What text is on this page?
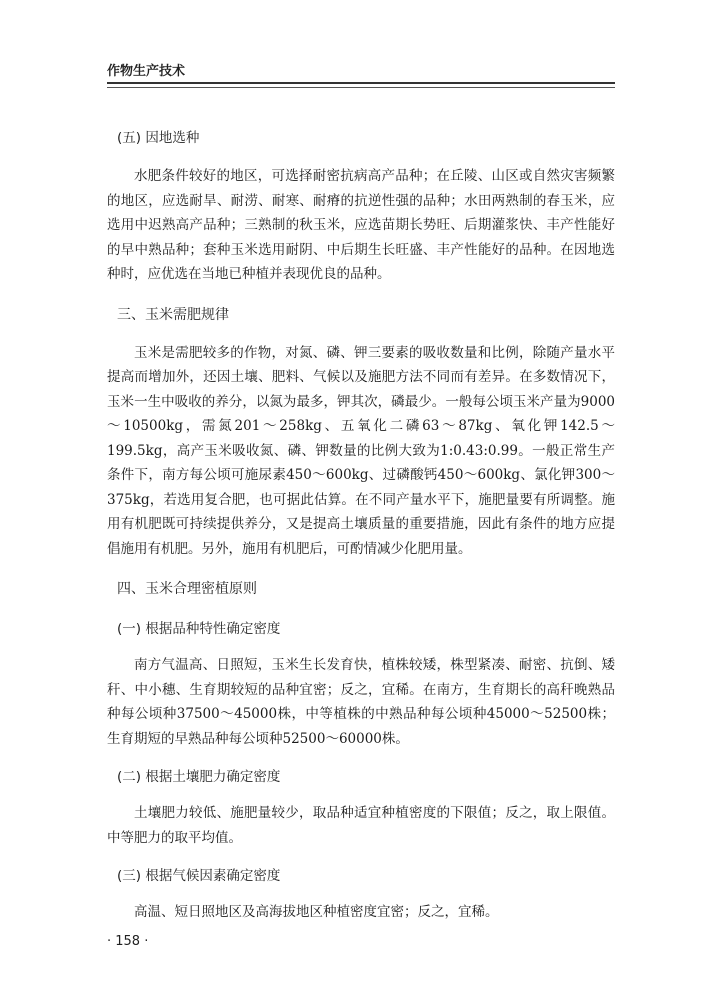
作物生产技术

(五) 因地选种

水肥条件较好的地区，可选择耐密抗病高产品种；在丘陵、山区或自然灾害频繁的地区，应选耐旱、耐涝、耐寒、耐瘠的抗逆性强的品种；水田两熟制的春玉米，应选用中迟熟高产品种；三熟制的秋玉米，应选苗期长势旺、后期灌浆快、丰产性能好的早中熟品种；套种玉米选用耐阴、中后期生长旺盛、丰产性能好的品种。在因地选种时，应优选在当地已种植并表现优良的品种。

三、玉米需肥规律

玉米是需肥较多的作物，对氮、磷、钾三要素的吸收数量和比例，除随产量水平提高而增加外，还因土壤、肥料、气候以及施肥方法不同而有差异。在多数情况下，玉米一生中吸收的养分，以氮为最多，钾其次，磷最少。一般每公顷玉米产量为9000～10500kg，需氮201～258kg、五氧化二磷63～87kg、氧化钾142.5～199.5kg，高产玉米吸收氮、磷、钾数量的比例大致为1:0.43:0.99。一般正常生产条件下，南方每公顷可施尿素450～600kg、过磷酸钙450～600kg、氯化钾300～375kg，若选用复合肥，也可据此估算。在不同产量水平下，施肥量要有所调整。施用有机肥既可持续提供养分，又是提高土壤质量的重要措施，因此有条件的地方应提倡施用有机肥。另外，施用有机肥后，可酌情减少化肥用量。

四、玉米合理密植原则

(一) 根据品种特性确定密度

南方气温高、日照短，玉米生长发育快，植株较矮，株型紧凑、耐密、抗倒、矮秆、中小穗、生育期较短的品种宜密；反之，宜稀。在南方，生育期长的高秆晚熟品种每公顷种37500～45000株，中等植株的中熟品种每公顷种45000～52500株；生育期短的早熟品种每公顷种52500～60000株。

(二) 根据土壤肥力确定密度

土壤肥力较低、施肥量较少，取品种适宜种植密度的下限值；反之，取上限值。中等肥力的取平均值。

(三) 根据气候因素确定密度

高温、短日照地区及高海拔地区种植密度宜密；反之，宜稀。

· 158 ·
